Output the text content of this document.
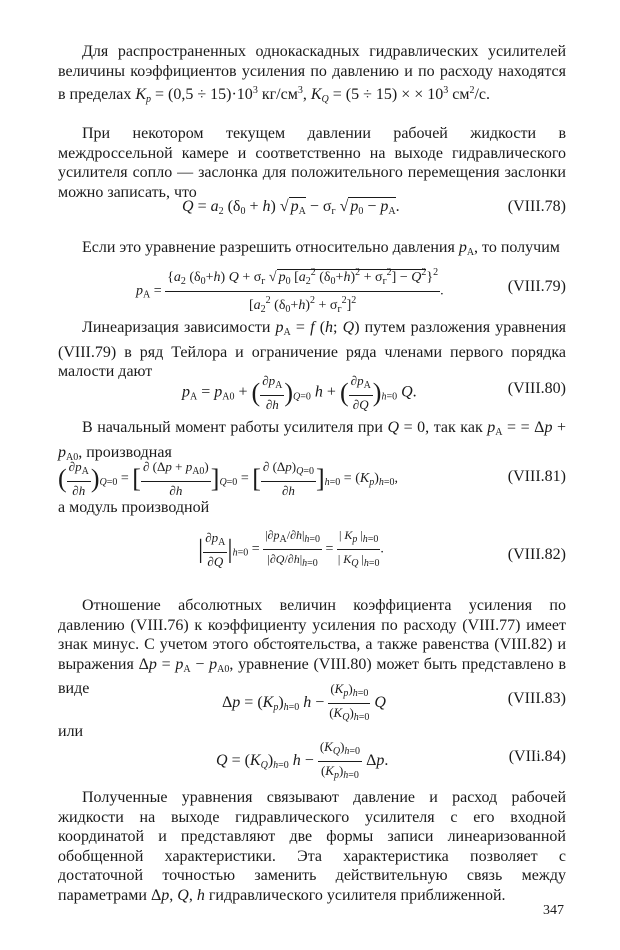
Для распространенных однокаскадных гидравлических усилителей величины коэффициентов усиления по давлению и по расходу находятся в пределах $K_p = (0,5 \div 15)\cdot 10^3$ $кг/см^3$, $K_Q = (5 \div 15)$ × × $10^3$ $см^2/с$.

При некотором текущем давлении рабочей жидкости в междроссельной камере и соответственно на выходе гидравлического усилителя сопло — заслонка для положительного перемещения заслонки можно записать, что

$Q = a_2$ $(\delta_0 + h)$ √ $p_A - \sigma_г$ √ $p_0 - p_A$.	(VIII.78)

Если это уравнение разрешить относительно давления $p_A$, то получим

$p_A = \frac{\{a_2 (\delta_0+h) Q + \sigma_г √ p_0 [a_2^2 (\delta_0+h)^2 + \sigma_г^2] - Q^2\}^2}{[a_2^2 (\delta_0+h)^2 + \sigma_г^2]^2}$ .	(VIII.79)

Линеаризация зависимости $p_A = f$ (h; Q) путем разложения уравнения (VIII.79) в ряд Тейлора и ограничение ряда членами первого порядка малости дают

$p_A = p_{A0}$ + ( $\frac{\partial p_A}{\partial h} )_{Q=0}$ h + ( $\frac{\partial p_A}{\partial Q} )_{h=0}$ Q.	(VIII.80)

В начальный момент работы усилителя при Q = 0, так как $p_A$ = = $\Delta p + p_{A0}$, производная

( $\frac{\partial p_A}{\partial h} )_{Q=0}$ = [ $\frac{\partial (\Delta p + p_{A0})}{\partial h} ]_{Q=0}$ = [ $\frac{\partial (\Delta p)_{Q=0}}{\partial h} ]_{h=0} = (K_p)_{h=0}$,	(VIII.81)

а модуль производной

| $\frac{\partial p_A}{\partial Q} |_{h=0} = \frac{|\partial p_A/\partial h|_{h=0}}{|\partial Q/\partial h|_{h=0}} = \frac{| K_p |_{h=0}}{| K_Q |_{h=0}}$ .	(VIII.82)

Отношение абсолютных величин коэффициента усиления по давлению (VIII.76) к коэффициенту усиления по расходу (VIII.77) имеет знак минус. С учетом этого обстоятельства, а также равенства (VIII.82) и выражения $\Delta p = p_A - p_{A0}$, уравнение (VIII.80) может быть представлено в виде

$\Delta p = (K_p)_{h=0}$ $h - \frac{(K_p)_{h=0}}{(K_Q)_{h=0}}$ Q	(VIII.83)

или

$Q = (K_Q)_{h=0}$ $h - \frac{(K_Q)_{h=0}}{(K_p)_{h=0}} \Delta p$.	(VIIi.84)

Полученные уравнения связывают давление и расход рабочей жидкости на выходе гидравлического усилителя с его входной координатой и представляют две формы записи линеаризованной обобщенной характеристики. Эта характеристика позволяет с достаточной точностью заменить действительную связь между параметрами Δp, Q, h гидравлического усилителя приближенной.

347
